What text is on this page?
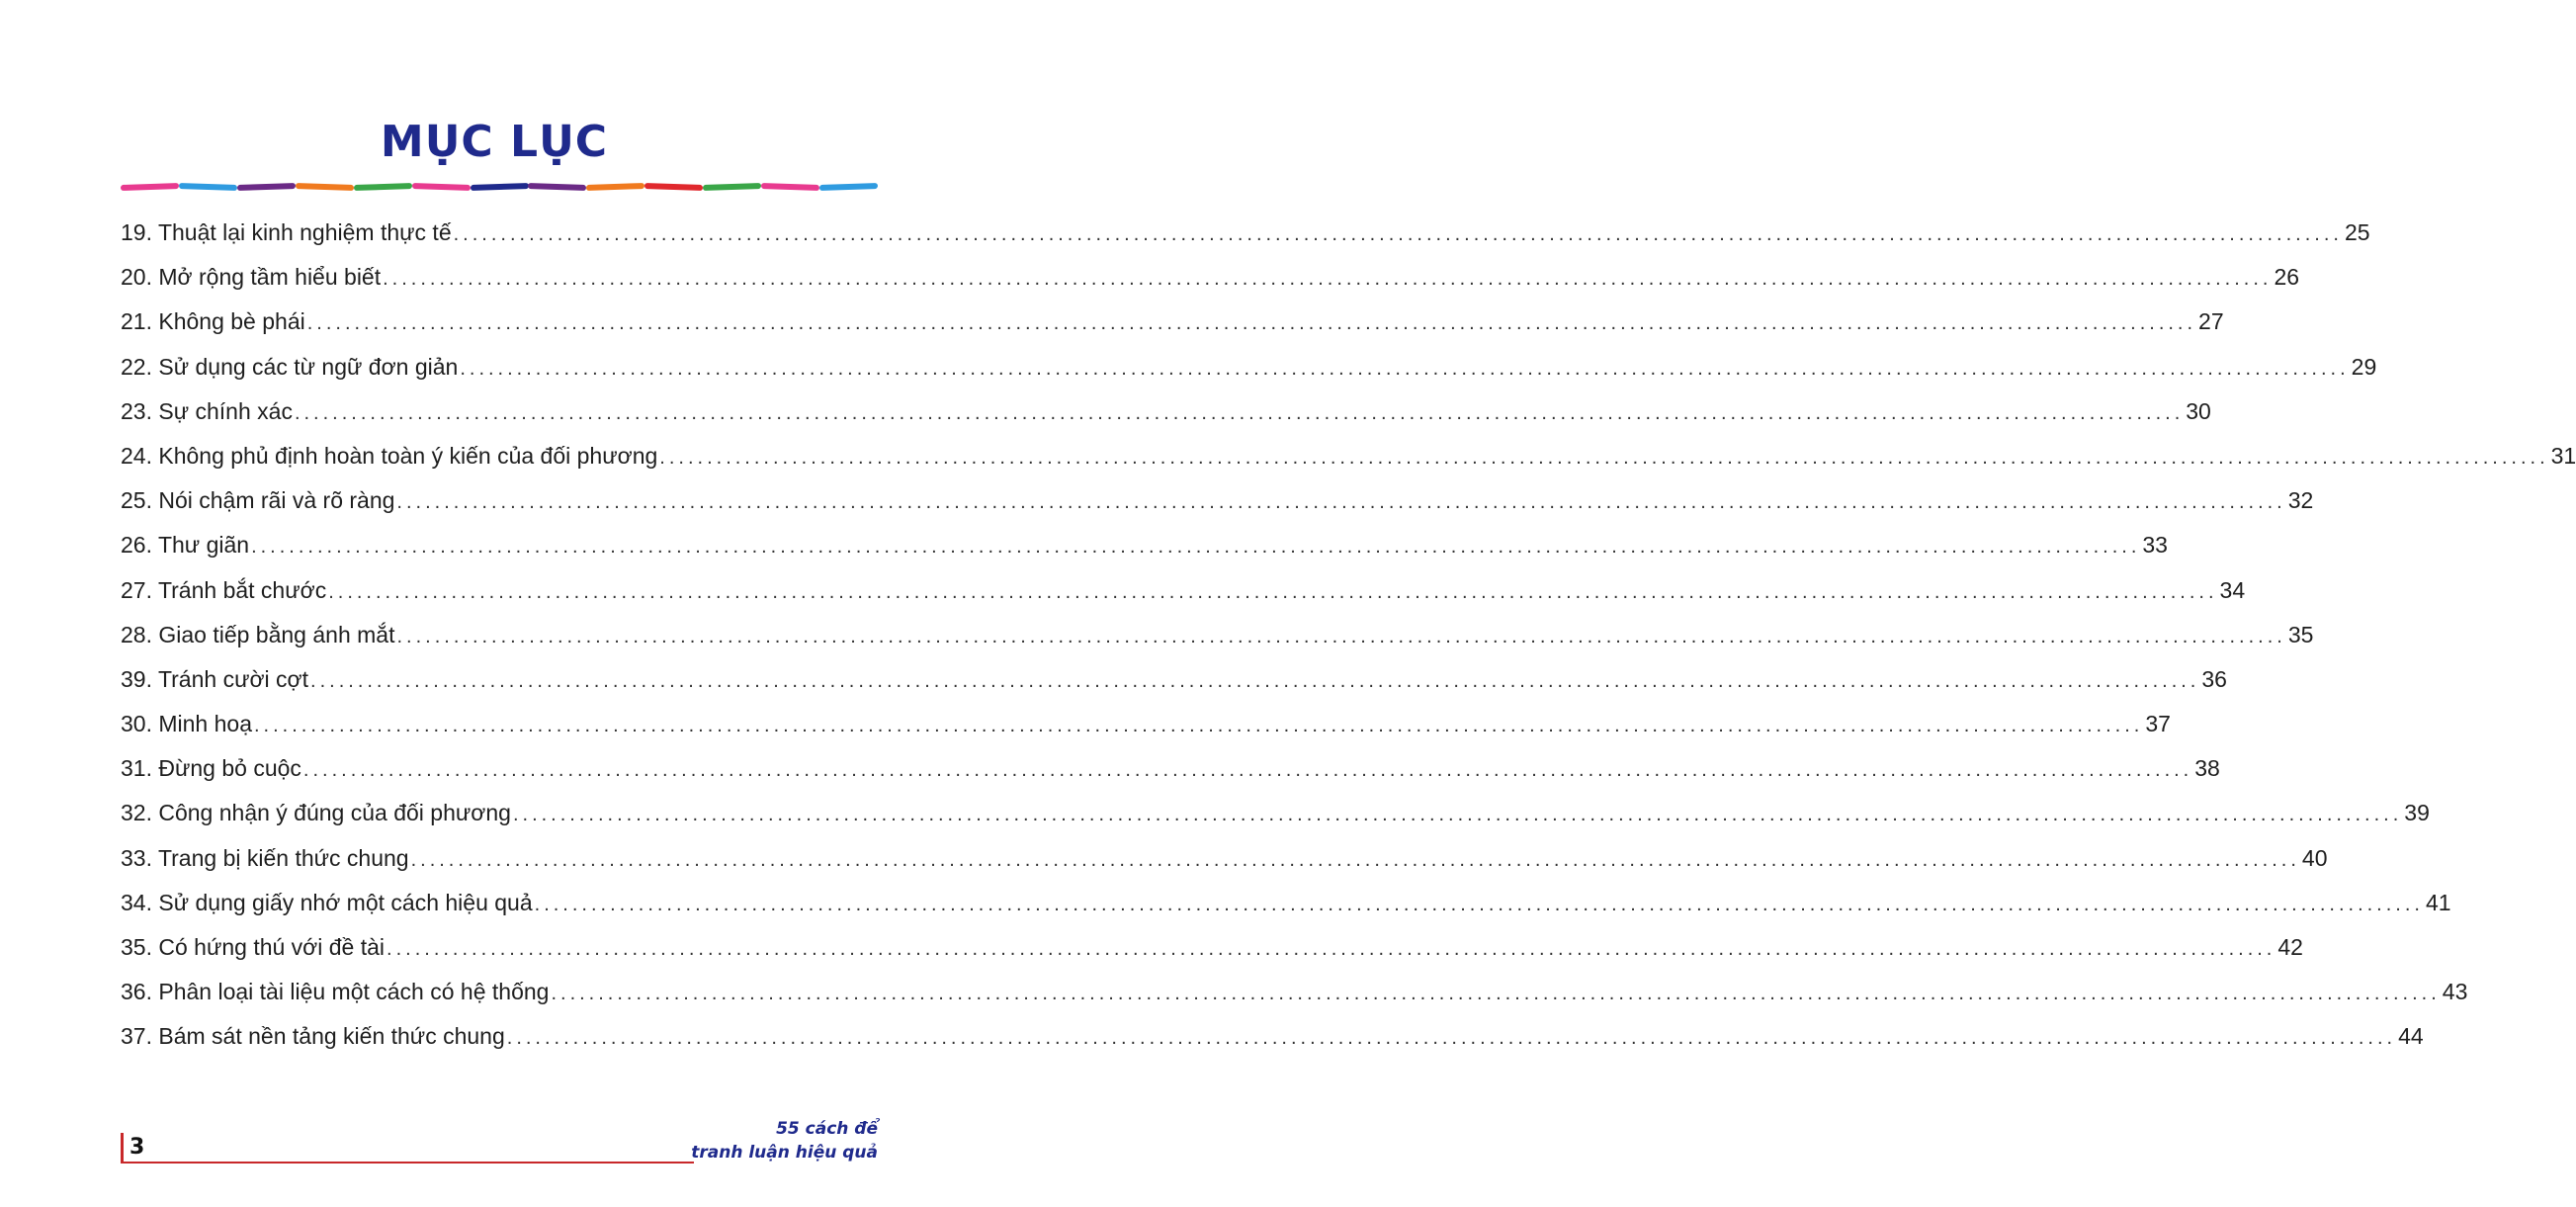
MỤC LỤC
19. Thuật lại kinh nghiệm thực tế ........................................................................................................................................................................................................ 25
20. Mở rộng tầm hiểu biết ........................................................................................................................................................................................................ 26
21. Không bè phái ........................................................................................................................................................................................................ 27
22. Sử dụng các từ ngữ đơn giản ........................................................................................................................................................................................................ 29
23. Sự chính xác ........................................................................................................................................................................................................ 30
24. Không phủ định hoàn toàn ý kiến của đối phương ........................................................................................................................................................................................................ 31
25. Nói chậm rãi và rõ ràng ........................................................................................................................................................................................................ 32
26. Thư giãn ........................................................................................................................................................................................................ 33
27. Tránh bắt chước ........................................................................................................................................................................................................ 34
28. Giao tiếp bằng ánh mắt ........................................................................................................................................................................................................ 35
39. Tránh cười cợt ........................................................................................................................................................................................................ 36
30. Minh hoạ ........................................................................................................................................................................................................ 37
31. Đừng bỏ cuộc ........................................................................................................................................................................................................ 38
32. Công nhận ý đúng của đối phương ........................................................................................................................................................................................................ 39
33. Trang bị kiến thức chung ........................................................................................................................................................................................................ 40
34. Sử dụng giấy nhớ một cách hiệu quả ........................................................................................................................................................................................................ 41
35. Có hứng thú với đề tài ........................................................................................................................................................................................................ 42
36. Phân loại tài liệu một cách có hệ thống ........................................................................................................................................................................................................ 43
37. Bám sát nền tảng kiến thức chung ........................................................................................................................................................................................................ 44
3
55 cách để
tranh luận hiệu quả
